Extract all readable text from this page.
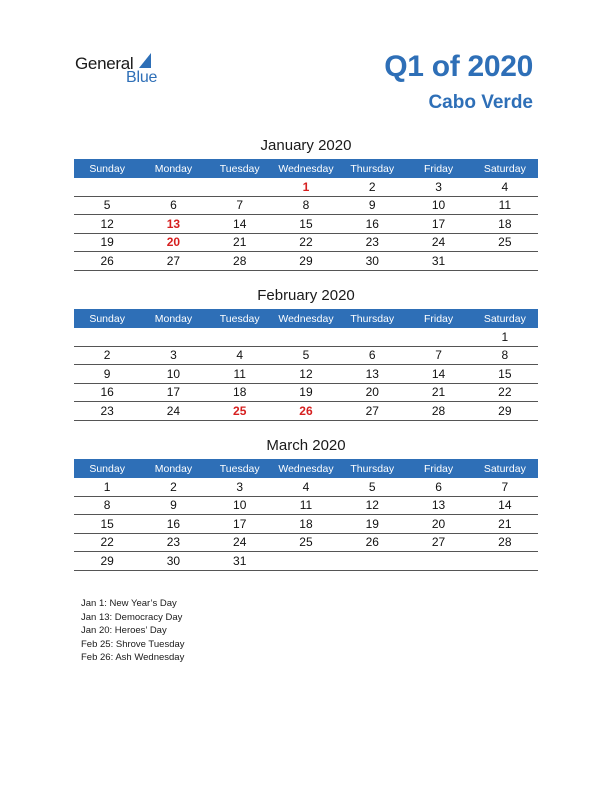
General
Blue	Q1 of 2020
Cabo Verde
January 2020
Sunday	Monday	Tuesday	Wednesday	Thursday	Friday	Saturday
			1	2	3	4
5	6	7	8	9	10	11
12	13	14	15	16	17	18
19	20	21	22	23	24	25
26	27	28	29	30	31	
February 2020
Sunday	Monday	Tuesday	Wednesday	Thursday	Friday	Saturday
						1
2	3	4	5	6	7	8
9	10	11	12	13	14	15
16	17	18	19	20	21	22
23	24	25	26	27	28	29
March 2020
Sunday	Monday	Tuesday	Wednesday	Thursday	Friday	Saturday
1	2	3	4	5	6	7
8	9	10	11	12	13	14
15	16	17	18	19	20	21
22	23	24	25	26	27	28
29	30	31				
Jan 1: New Year’s Day
Jan 13: Democracy Day
Jan 20: Heroes’ Day
Feb 25: Shrove Tuesday
Feb 26: Ash Wednesday
